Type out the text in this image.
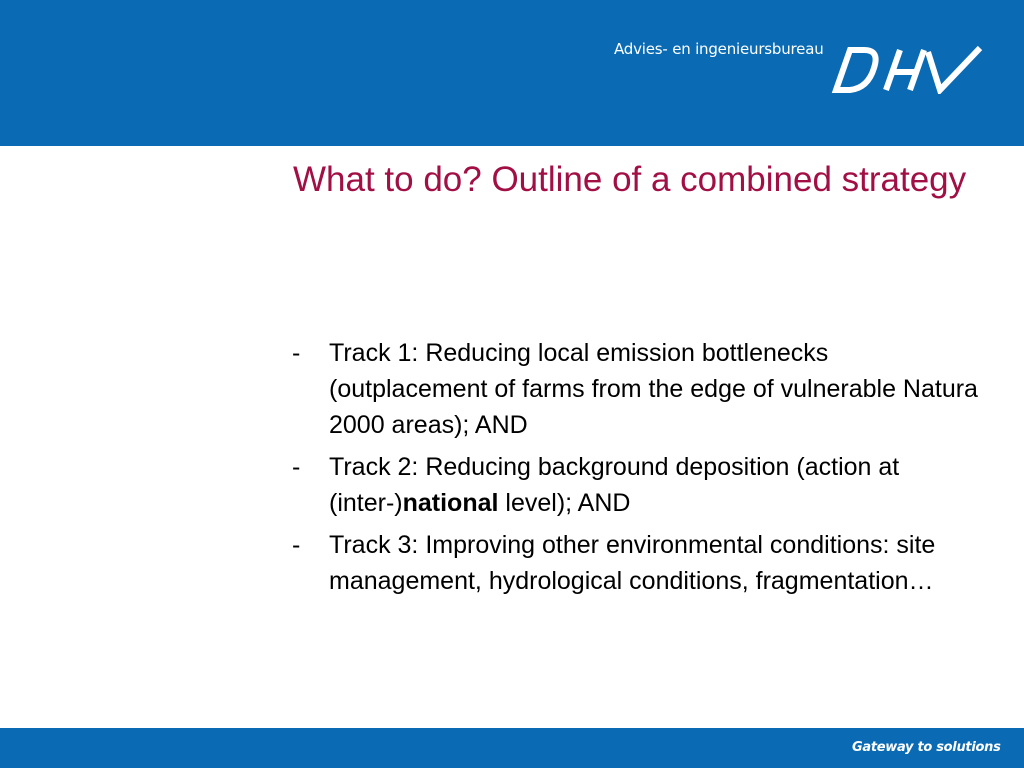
Advies- en ingenieursbureau
What to do? Outline of a combined strategy
- Track 1: Reducing local emission bottlenecks (outplacement of farms from the edge of vulnerable Natura 2000 areas); AND
- Track 2: Reducing background deposition (action at (inter-)national level); AND
- Track 3: Improving other environmental conditions: site management, hydrological conditions, fragmentation…
Gateway to solutions
